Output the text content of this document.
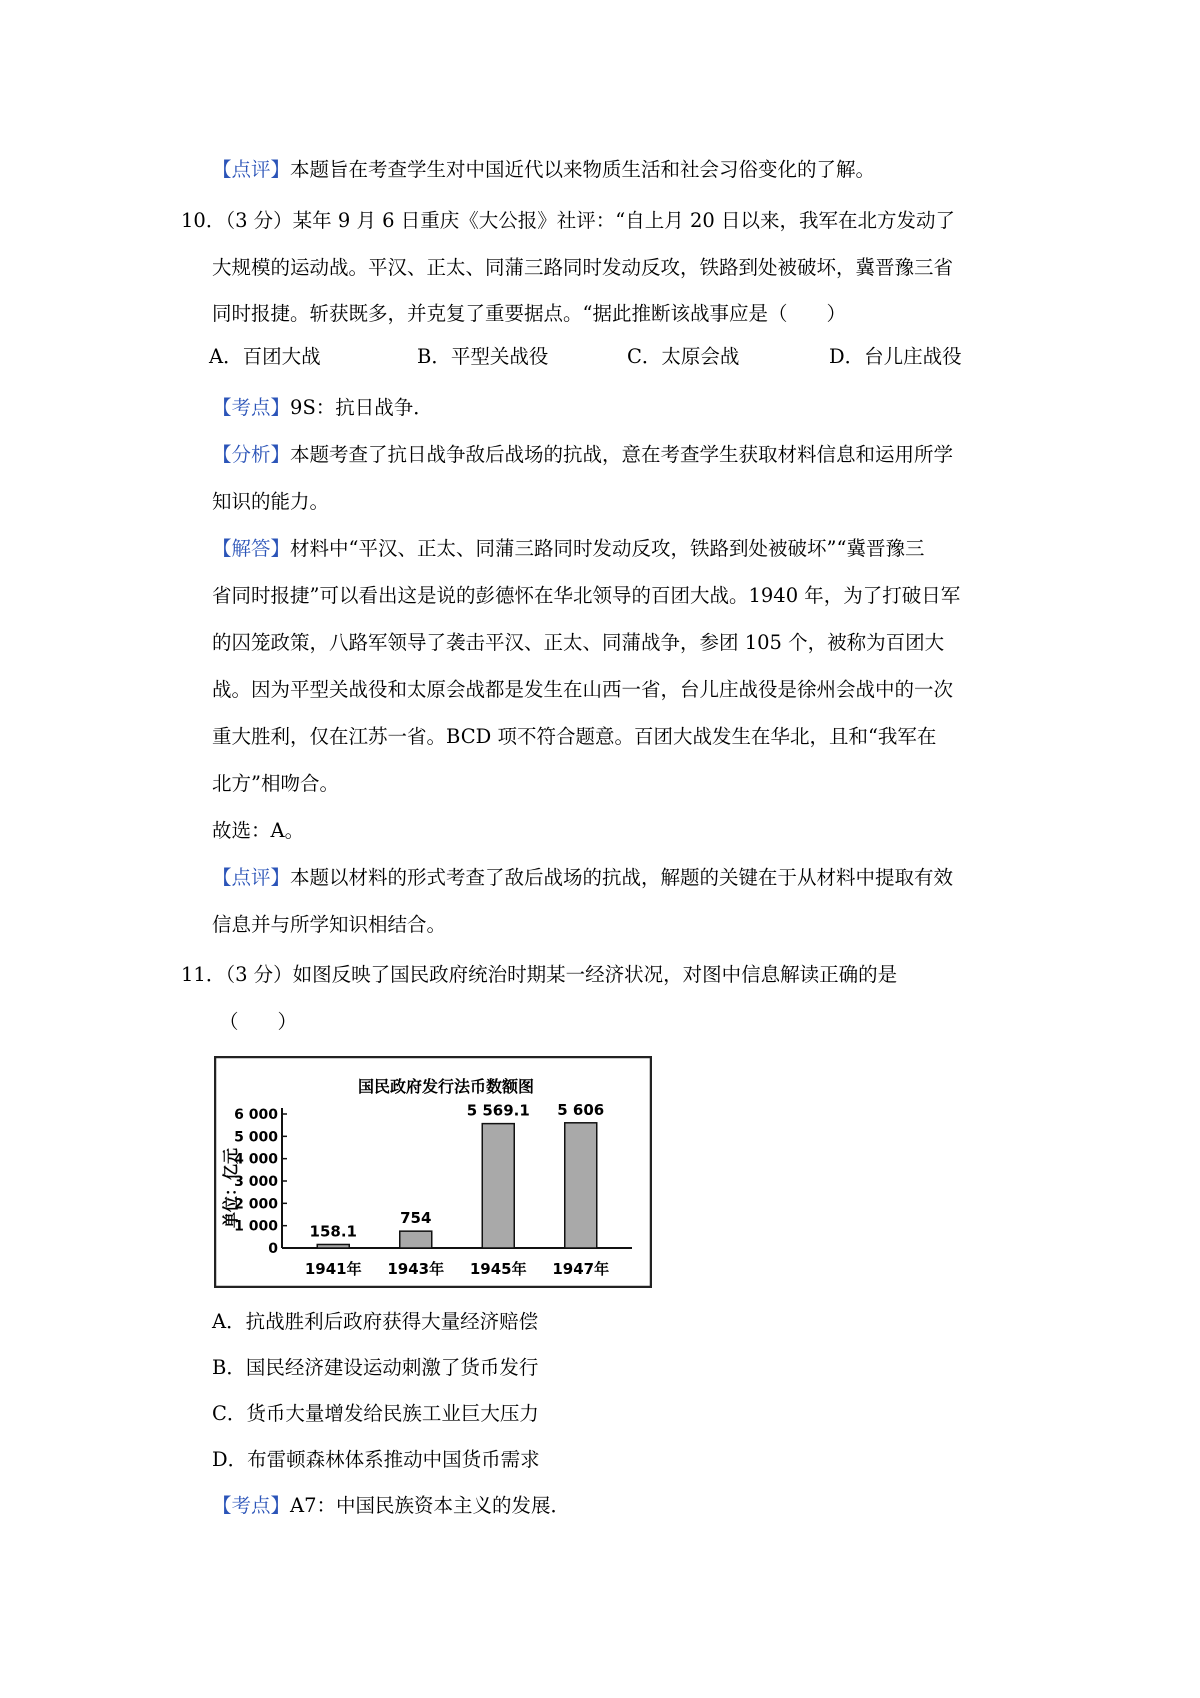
【点评】本题旨在考查学生对中国近代以来物质生活和社会习俗变化的了解。
10．（3 分）某年 9 月 6 日重庆《大公报》社评：“自上月 20 日以来，我军在北方发动了
大规模的运动战。平汉、正太、同蒲三路同时发动反攻，铁路到处被破坏，冀晋豫三省
同时报捷。斩获既多，并克复了重要据点。“据此推断该战事应是（　　）
A．百团大战	B．平型关战役	C．太原会战	D．台儿庄战役
【考点】9S：抗日战争．
【分析】本题考查了抗日战争敌后战场的抗战，意在考查学生获取材料信息和运用所学
知识的能力。
【解答】材料中“平汉、正太、同蒲三路同时发动反攻，铁路到处被破坏”“冀晋豫三
省同时报捷”可以看出这是说的彭德怀在华北领导的百团大战。1940 年，为了打破日军
的囚笼政策，八路军领导了袭击平汉、正太、同蒲战争，参团 105 个，被称为百团大
战。因为平型关战役和太原会战都是发生在山西一省，台儿庄战役是徐州会战中的一次
重大胜利，仅在江苏一省。BCD 项不符合题意。百团大战发生在华北，且和“我军在
北方”相吻合。
故选：A。
【点评】本题以材料的形式考查了敌后战场的抗战，解题的关键在于从材料中提取有效
信息并与所学知识相结合。
11．（3 分）如图反映了国民政府统治时期某一经济状况，对图中信息解读正确的是
（　　）
国民政府发行法币数额图
单位：亿元
0
1 000
2 000
3 000
4 000
5 000
6 000
158.1
754
5 569.1 5 606
1941年 1943年 1945年 1947年
A．抗战胜利后政府获得大量经济赔偿
B．国民经济建设运动刺激了货币发行
C．货币大量增发给民族工业巨大压力
D．布雷顿森林体系推动中国货币需求
【考点】A7：中国民族资本主义的发展．
